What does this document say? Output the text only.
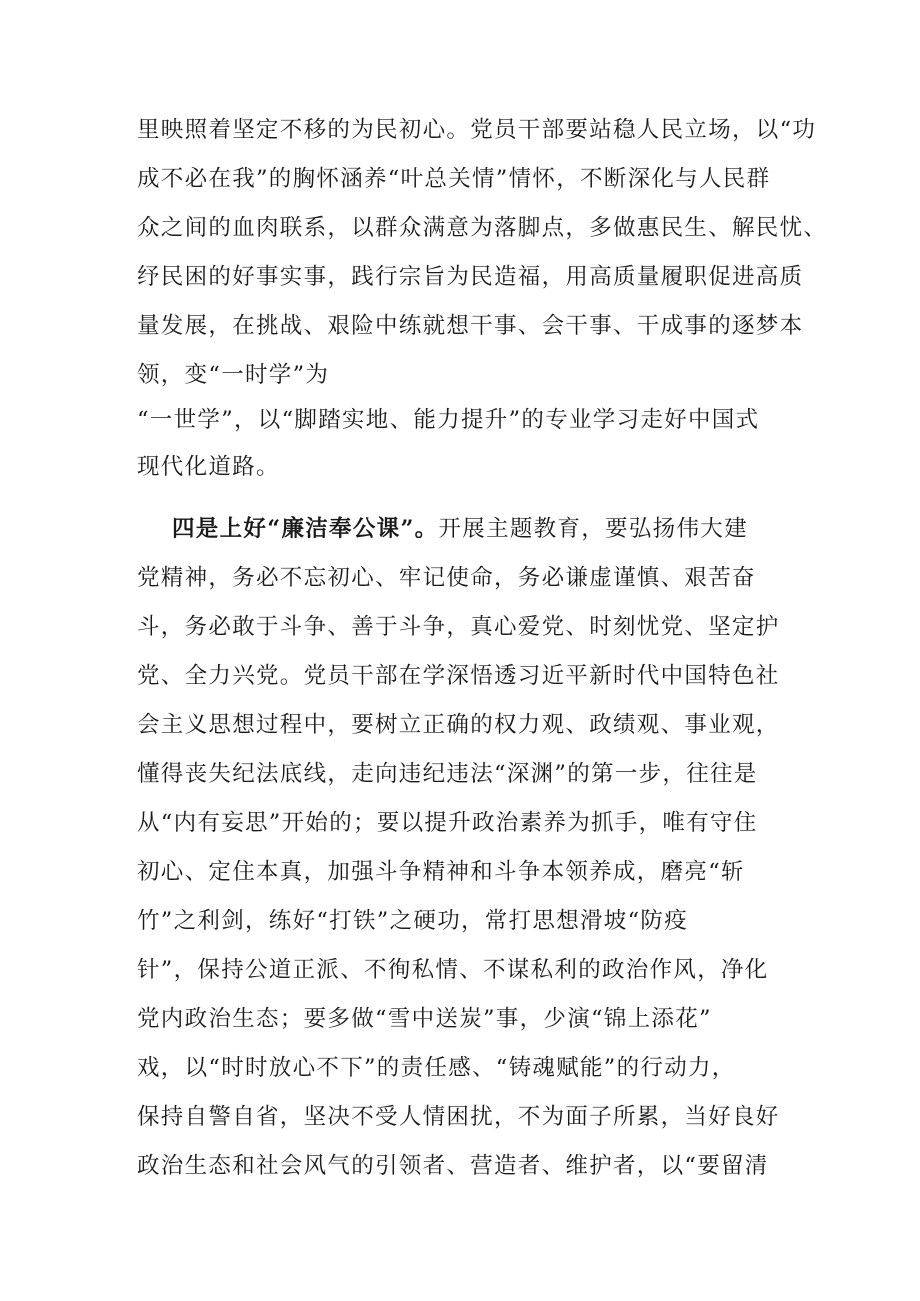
里映照着坚定不移的为民初心。党员干部要站稳人民立场，以“功

成不必在我”的胸怀涵养“叶总关情”情怀，不断深化与人民群

众之间的血肉联系，以群众满意为落脚点，多做惠民生、解民忧、

纾民困的好事实事，践行宗旨为民造福，用高质量履职促进高质

量发展，在挑战、艰险中练就想干事、会干事、干成事的逐梦本

领，变“一时学”为

“一世学”，以“脚踏实地、能力提升”的专业学习走好中国式

现代化道路。

四是上好“廉洁奉公课”。开展主题教育，要弘扬伟大建

党精神，务必不忘初心、牢记使命，务必谦虚谨慎、艰苦奋

斗，务必敢于斗争、善于斗争，真心爱党、时刻忧党、坚定护

党、全力兴党。党员干部在学深悟透习近平新时代中国特色社

会主义思想过程中，要树立正确的权力观、政绩观、事业观，

懂得丧失纪法底线，走向违纪违法“深渊”的第一步，往往是

从“内有妄思”开始的；要以提升政治素养为抓手，唯有守住

初心、定住本真，加强斗争精神和斗争本领养成，磨亮“斩

竹”之利剑，练好“打铁”之硬功，常打思想滑坡“防疫

针”，保持公道正派、不徇私情、不谋私利的政治作风，净化

党内政治生态；要多做“雪中送炭”事，少演“锦上添花”

戏，以“时时放心不下”的责任感、“铸魂赋能”的行动力，

保持自警自省，坚决不受人情困扰，不为面子所累，当好良好

政治生态和社会风气的引领者、营造者、维护者，以“要留清
